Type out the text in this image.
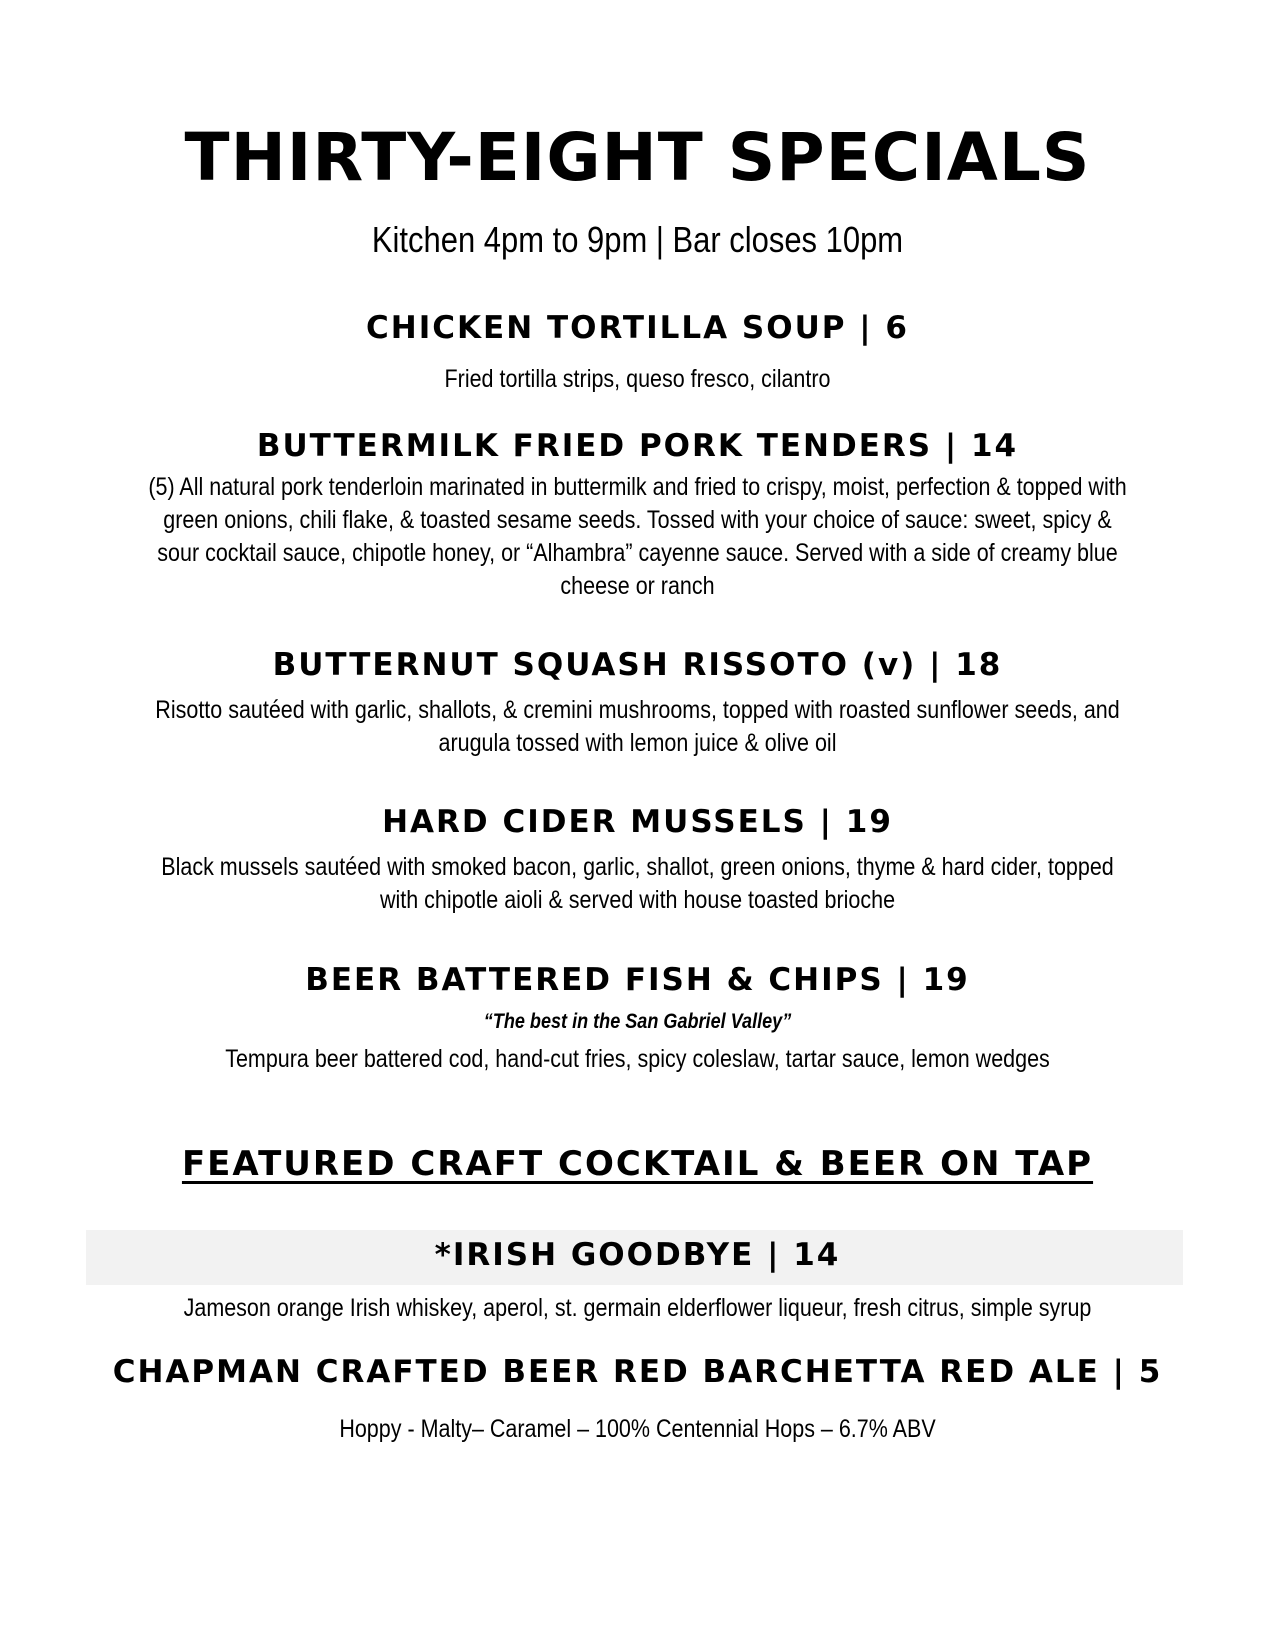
THIRTY-EIGHT SPECIALS
Kitchen 4pm to 9pm | Bar closes 10pm
CHICKEN TORTILLA SOUP | 6
Fried tortilla strips, queso fresco, cilantro
BUTTERMILK FRIED PORK TENDERS | 14
(5) All natural pork tenderloin marinated in buttermilk and fried to crispy, moist, perfection & topped with
green onions, chili flake, & toasted sesame seeds. Tossed with your choice of sauce: sweet, spicy &
sour cocktail sauce, chipotle honey, or “Alhambra” cayenne sauce. Served with a side of creamy blue
cheese or ranch
BUTTERNUT SQUASH RISSOTO (v) | 18
Risotto sautéed with garlic, shallots, & cremini mushrooms, topped with roasted sunflower seeds, and
arugula tossed with lemon juice & olive oil
HARD CIDER MUSSELS | 19
Black mussels sautéed with smoked bacon, garlic, shallot, green onions, thyme & hard cider, topped
with chipotle aioli & served with house toasted brioche
BEER BATTERED FISH & CHIPS | 19
“The best in the San Gabriel Valley”
Tempura beer battered cod, hand-cut fries, spicy coleslaw, tartar sauce, lemon wedges
FEATURED CRAFT COCKTAIL & BEER ON TAP
*IRISH GOODBYE | 14
Jameson orange Irish whiskey, aperol, st. germain elderflower liqueur, fresh citrus, simple syrup
CHAPMAN CRAFTED BEER RED BARCHETTA RED ALE | 5
Hoppy - Malty– Caramel – 100% Centennial Hops – 6.7% ABV
